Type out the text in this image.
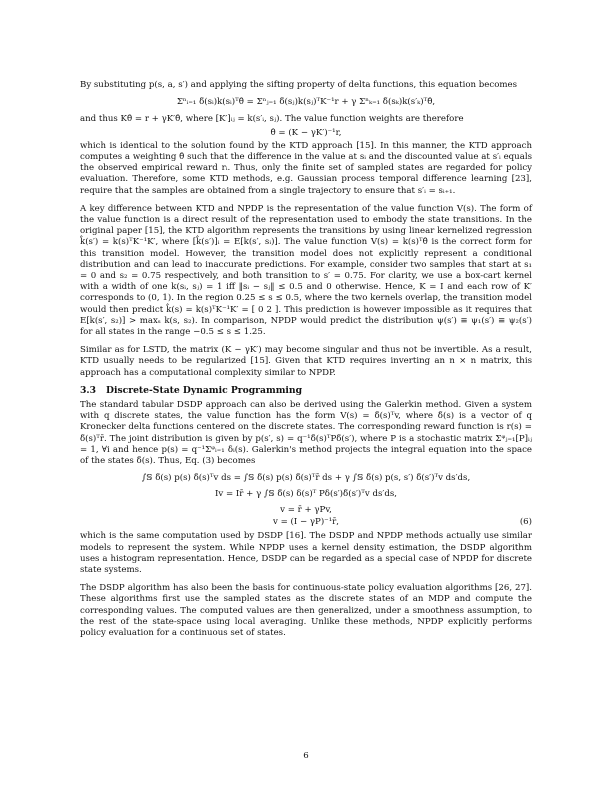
By substituting p(s, a, s′) and applying the sifting property of delta functions, this equation becomes

Σⁿᵢ₌₁ δ̃(sᵢ)k(sᵢ)ᵀθ̂ = Σⁿⱼ₌₁ δ̃(sⱼ)k(sⱼ)ᵀK⁻¹r + γ Σⁿₖ₌₁ δ̃(sₖ)k(s′ₖ)ᵀθ̂,

and thus Kθ̂ = r + γK′θ̂, where [K′]ᵢⱼ = k(s′ᵢ, sⱼ). The value function weights are therefore

θ̂ = (K − γK′)⁻¹r,

which is identical to the solution found by the KTD approach [15]. In this manner, the KTD approach computes a weighting θ̂ such that the difference in the value at sᵢ and the discounted value at s′ᵢ equals the observed empirical reward rᵢ. Thus, only the finite set of sampled states are regarded for policy evaluation. Therefore, some KTD methods, e.g. Gaussian process temporal difference learning [23], require that the samples are obtained from a single trajectory to ensure that s′ᵢ = sᵢ₊₁.

A key difference between KTD and NPDP is the representation of the value function V(s). The form of the value function is a direct result of the representation used to embody the state transitions. In the original paper [15], the KTD algorithm represents the transitions by using linear kernelized regression k̂(s′) = k(s)ᵀK⁻¹K′, where [k̂(s′)]ᵢ = E[k(s′, sᵢ)]. The value function V(s) = k(s)ᵀθ̂ is the correct form for this transition model. However, the transition model does not explicitly represent a conditional distribution and can lead to inaccurate predictions. For example, consider two samples that start at s₁ = 0 and s₂ = 0.75 respectively, and both transition to s′ = 0.75. For clarity, we use a box-cart kernel with a width of one k(sᵢ, sⱼ) = 1 iff ‖sᵢ − sⱼ‖ ≤ 0.5 and 0 otherwise. Hence, K = I and each row of K′ corresponds to (0, 1). In the region 0.25 ≤ s ≤ 0.5, where the two kernels overlap, the transition model would then predict k̂(s) = k(s)ᵀK⁻¹K′ = [ 0 2 ]. This prediction is however impossible as it requires that E[k(s′, s₂)] > maxₛ k(s, s₂). In comparison, NPDP would predict the distribution ψ(s′) ≡ ψ₁(s′) ≡ ψ₂(s′) for all states in the range −0.5 ≤ s ≤ 1.25.

Similar as for LSTD, the matrix (K − γK′) may become singular and thus not be invertible. As a result, KTD usually needs to be regularized [15]. Given that KTD requires inverting an n × n matrix, this approach has a computational complexity similar to NPDP.

3.3 Discrete-State Dynamic Programming

The standard tabular DSDP approach can also be derived using the Galerkin method. Given a system with q discrete states, the value function has the form V(s) = δ̃(s)ᵀv, where δ̃(s) is a vector of q Kronecker delta functions centered on the discrete states. The corresponding reward function is r(s) = δ̃(s)ᵀr̄. The joint distribution is given by p(s′, s) = q⁻¹δ̃(s)ᵀPδ̃(s′), where P is a stochastic matrix Σᵠⱼ₌₁[P]ᵢⱼ = 1, ∀i and hence p(s) = q⁻¹Σᵠᵢ₌₁ δᵢ(s). Galerkin's method projects the integral equation into the space of the states δ̃(s). Thus, Eq. (3) becomes

∫𝕊 δ̃(s) p(s) δ̃(s)ᵀv ds = ∫𝕊 δ̃(s) p(s) δ̃(s)ᵀr̄ ds + γ ∫𝕊 δ̃(s) p(s, s′) δ̃(s′)ᵀv ds′ds,
Iv = Ir̄ + γ ∫𝕊 δ̃(s) δ(s)ᵀ Pδ(s′)δ̃(s′)ᵀv ds′ds,
v = r̄ + γPv,
v = (I − γP)⁻¹r̄,	(6)

which is the same computation used by DSDP [16]. The DSDP and NPDP methods actually use similar models to represent the system. While NPDP uses a kernel density estimation, the DSDP algorithm uses a histogram representation. Hence, DSDP can be regarded as a special case of NPDP for discrete state systems.

The DSDP algorithm has also been the basis for continuous-state policy evaluation algorithms [26, 27]. These algorithms first use the sampled states as the discrete states of an MDP and compute the corresponding values. The computed values are then generalized, under a smoothness assumption, to the rest of the state-space using local averaging. Unlike these methods, NPDP explicitly performs policy evaluation for a continuous set of states.

6
